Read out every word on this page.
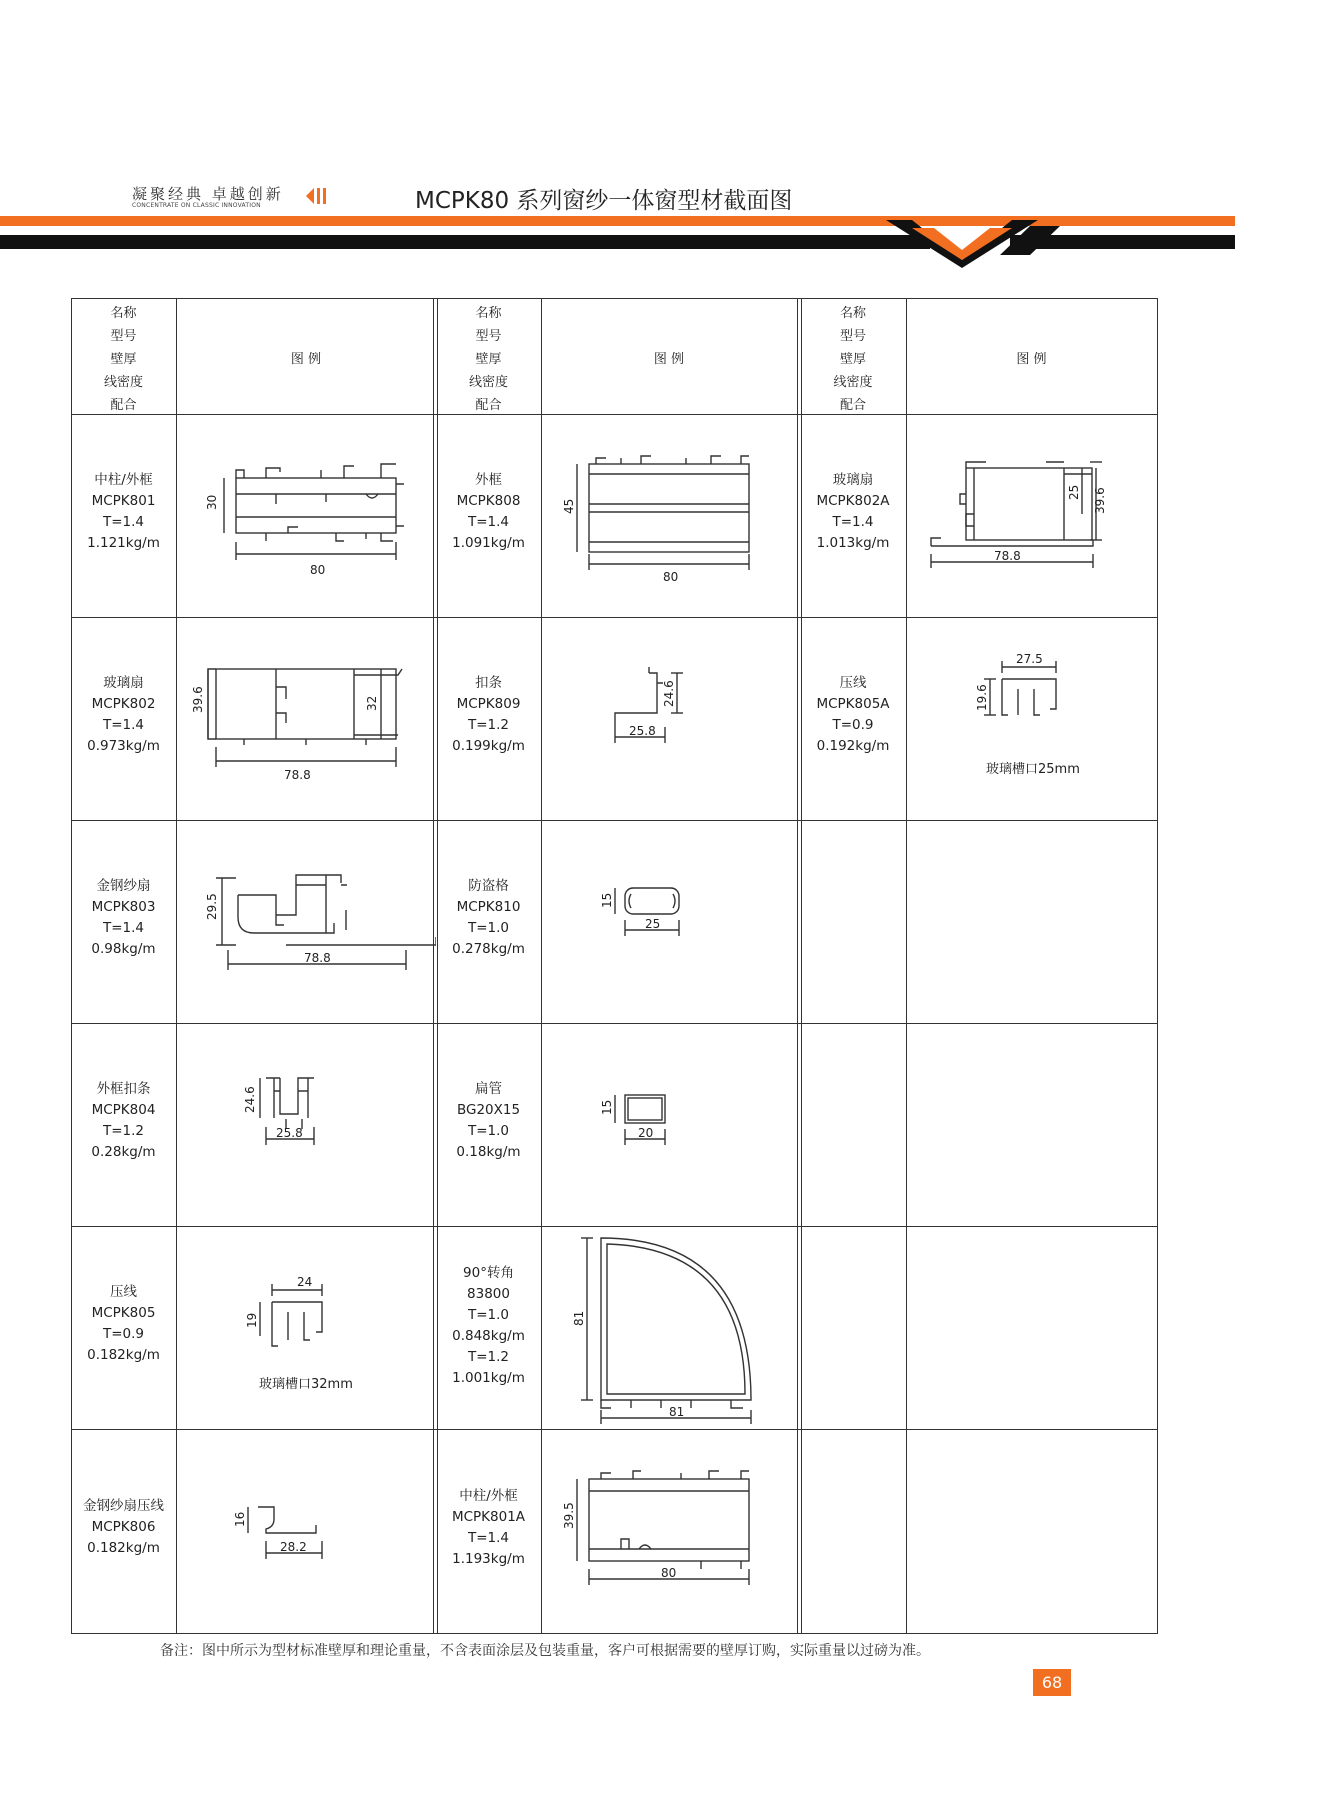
凝聚经典 卓越创新
CONCENTRATE ON CLASSIC INNOVATION	MCPK80 系列窗纱一体窗型材截面图
名称
型号
壁厚
线密度
配合
图 例
名称
型号
壁厚
线密度
配合
图 例
名称
型号
壁厚
线密度
配合
图 例
中柱/外框
MCPK801
T=1.4
1.121kg/m
玻璃扇
MCPK802
T=1.4
0.973kg/m
金钢纱扇
MCPK803
T=1.4
0.98kg/m
外框扣条
MCPK804
T=1.2
0.28kg/m
压线
MCPK805
T=0.9
0.182kg/m
金钢纱扇压线
MCPK806
0.182kg/m
外框
MCPK808
T=1.4
1.091kg/m
扣条
MCPK809
T=1.2
0.199kg/m
防盗格
MCPK810
T=1.0
0.278kg/m
扁管
BG20X15
T=1.0
0.18kg/m
90°转角
83800
T=1.0
0.848kg/m
T=1.2
1.001kg/m
中柱/外框
MCPK801A
T=1.4
1.193kg/m
玻璃扇
MCPK802A
T=1.4
1.013kg/m
压线
MCPK805A
T=0.9
0.192kg/m
30
80
39.6	32
78.8
29.5
78.8
24.6
25.8
24
19
玻璃槽口32mm
16
28.2
45
80
24.6
25.8
15
25
15
20
81
81
39.5
80
25 39.6
78.8
27.5
19.6
玻璃槽口25mm
备注：图中所示为型材标准壁厚和理论重量，不含表面涂层及包装重量，客户可根据需要的壁厚订购，实际重量以过磅为准。
68
